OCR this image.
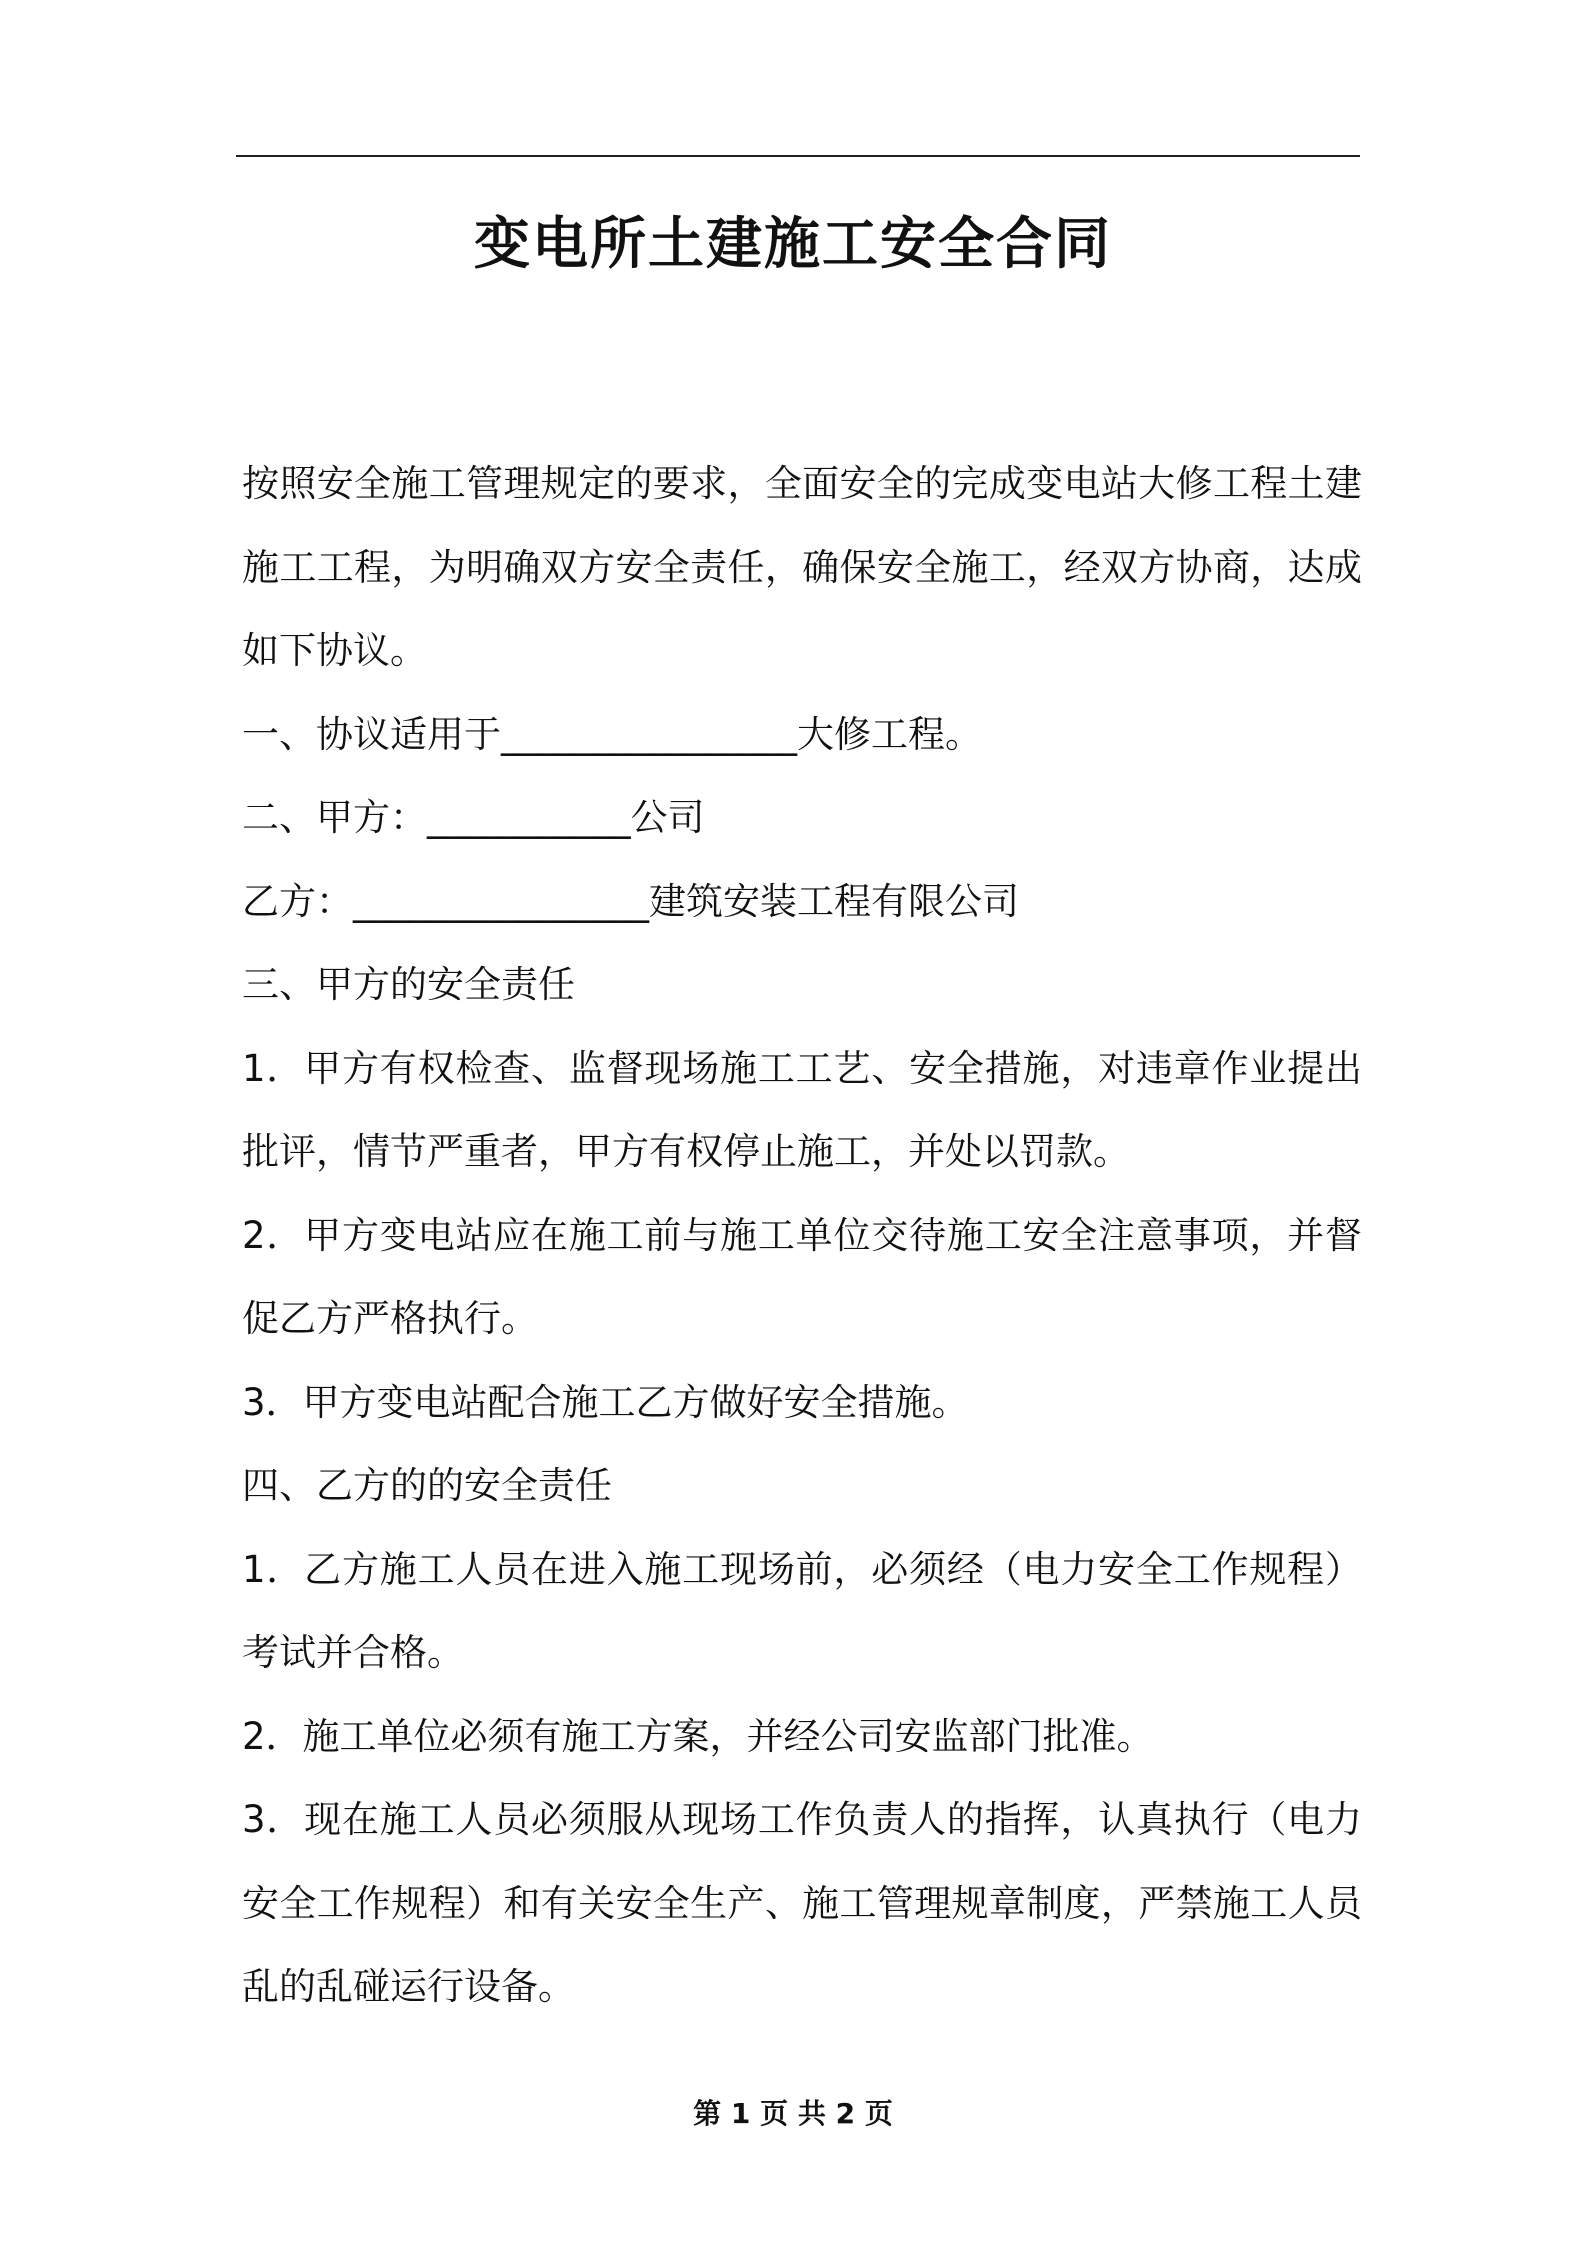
变电所土建施工安全合同

按照安全施工管理规定的要求，全面安全的完成变电站大修工程土建施工工程，为明确双方安全责任，确保安全施工，经双方协商，达成如下协议。

一、协议适用于________________大修工程。

二、甲方：___________公司

乙方：________________建筑安装工程有限公司

三、甲方的安全责任

1．甲方有权检查、监督现场施工工艺、安全措施，对违章作业提出批评，情节严重者，甲方有权停止施工，并处以罚款。

2．甲方变电站应在施工前与施工单位交待施工安全注意事项，并督促乙方严格执行。

3．甲方变电站配合施工乙方做好安全措施。

四、乙方的的安全责任

1．乙方施工人员在进入施工现场前，必须经（电力安全工作规程）考试并合格。

2．施工单位必须有施工方案，并经公司安监部门批准。

3．现在施工人员必须服从现场工作负责人的指挥，认真执行（电力安全工作规程）和有关安全生产、施工管理规章制度，严禁施工人员乱的乱碰运行设备。

第 1 页 共 2 页
